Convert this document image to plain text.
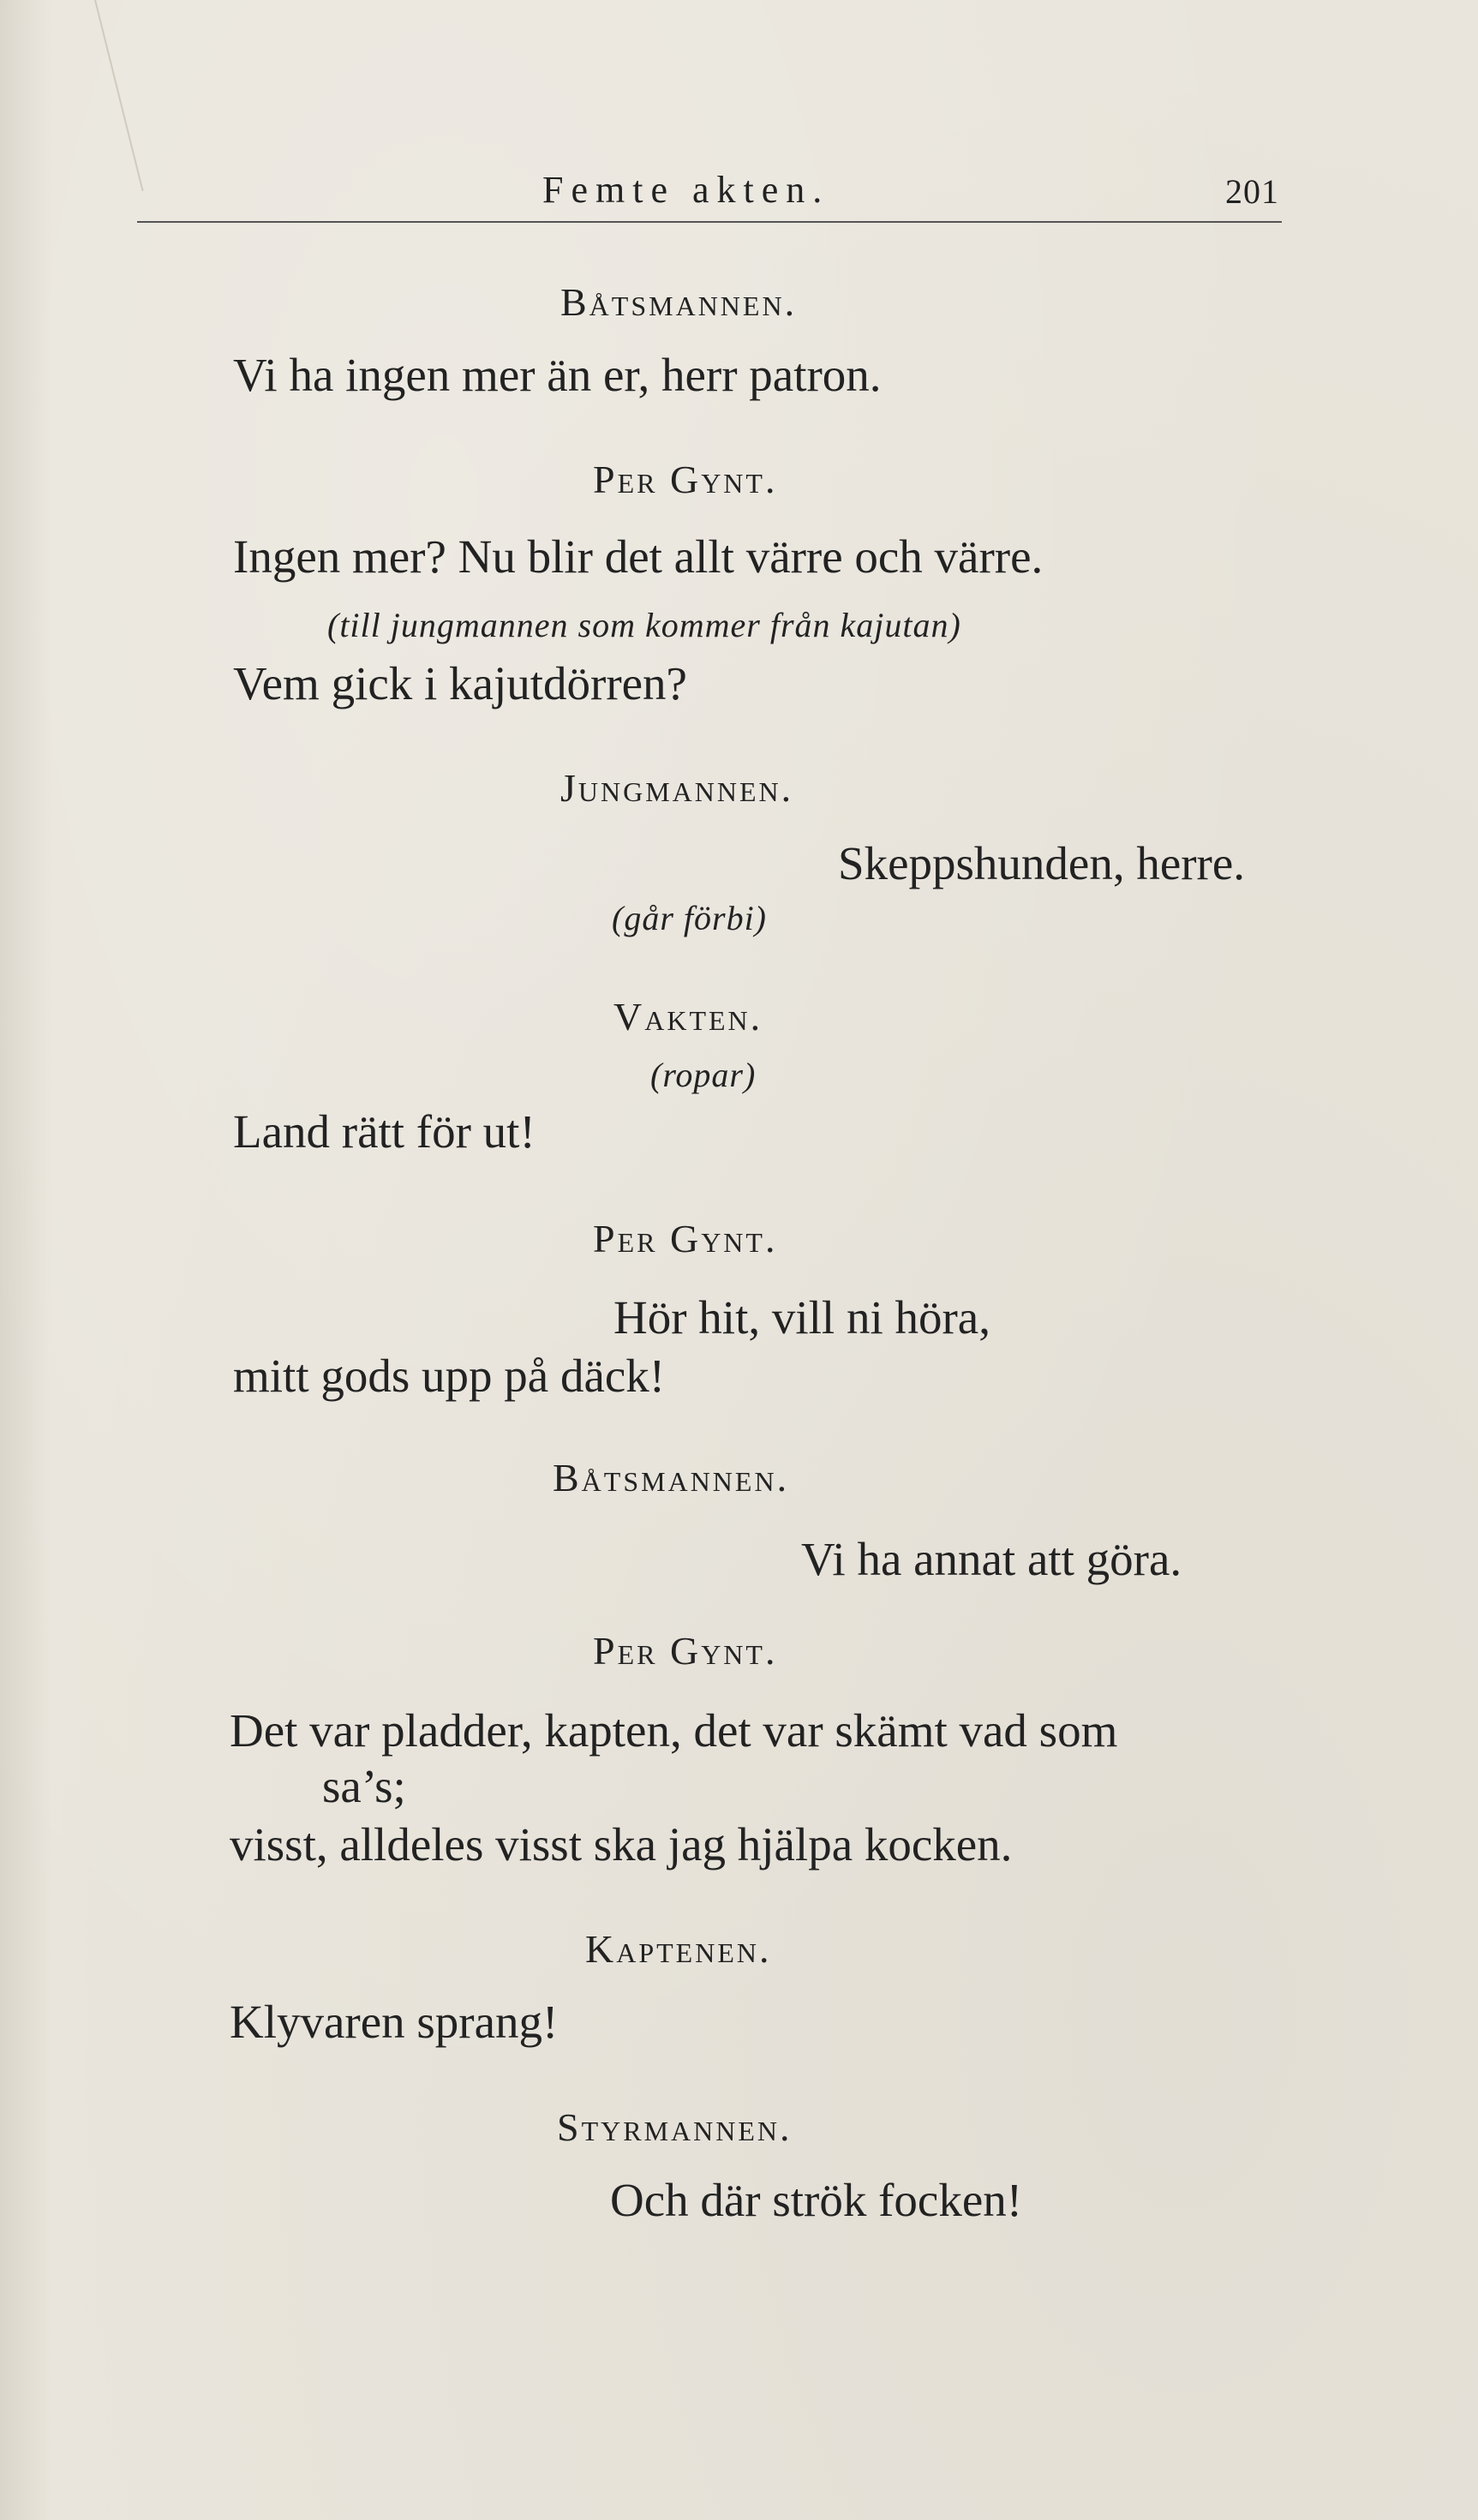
Femte akten.	201
Båtsmannen.
Vi ha ingen mer än er, herr patron.
Per Gynt.
Ingen mer? Nu blir det allt värre och värre.
(till jungmannen som kommer från kajutan)
Vem gick i kajutdörren?
Jungmannen.
Skeppshunden, herre.
(går förbi)
Vakten.
(ropar)
Land rätt för ut!
Per Gynt.
Hör hit, vill ni höra,
mitt gods upp på däck!
Båtsmannen.
Vi ha annat att göra.
Per Gynt.
Det var pladder, kapten, det var skämt vad som
sa’s;
visst, alldeles visst ska jag hjälpa kocken.
Kaptenen.
Klyvaren sprang!
Styrmannen.
Och där strök focken!
